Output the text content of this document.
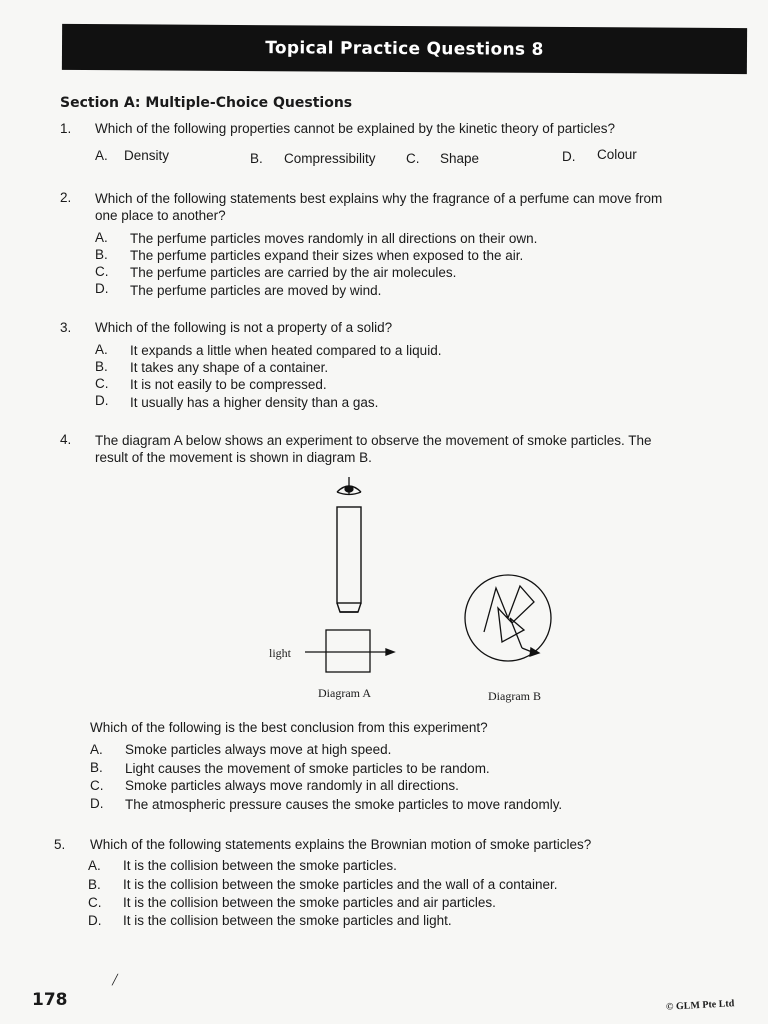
Topical Practice Questions 8
Section A: Multiple-Choice Questions
1. Which of the following properties cannot be explained by the kinetic theory of particles?
A. Density	B. Compressibility C. Shape	D. Colour
2. Which of the following statements best explains why the fragrance of a perfume can move from
one place to another?
A. The perfume particles moves randomly in all directions on their own.
B. The perfume particles expand their sizes when exposed to the air.
C. The perfume particles are carried by the air molecules.
D. The perfume particles are moved by wind.
3. Which of the following is not a property of a solid?
A. It expands a little when heated compared to a liquid.
B. It takes any shape of a container.
C. It is not easily to be compressed.
D. It usually has a higher density than a gas.
4. The diagram A below shows an experiment to observe the movement of smoke particles. The
result of the movement is shown in diagram B.
light
Diagram A	Diagram B
Which of the following is the best conclusion from this experiment?
A. Smoke particles always move at high speed.
B. Light causes the movement of smoke particles to be random.
C. Smoke particles always move randomly in all directions.
D. The atmospheric pressure causes the smoke particles to move randomly.
5. Which of the following statements explains the Brownian motion of smoke particles?
A. It is the collision between the smoke particles.
B. It is the collision between the smoke particles and the wall of a container.
C. It is the collision between the smoke particles and air particles.
D. It is the collision between the smoke particles and light.
╱
178	© GLM Pte Ltd
